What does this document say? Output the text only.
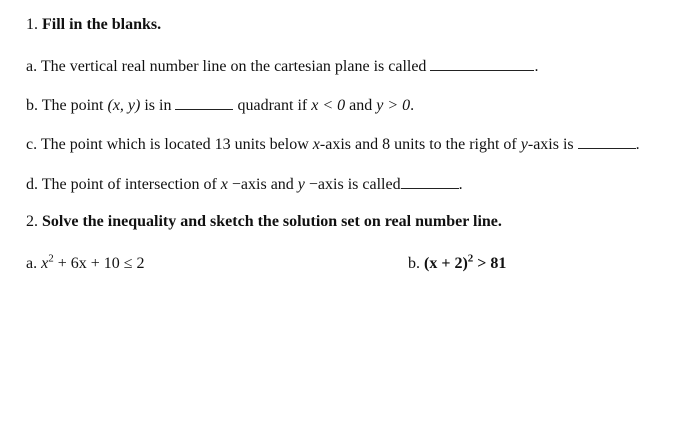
1. Fill in the blanks.
a. The vertical real number line on the cartesian plane is called	.
b. The point (x, y) is in	quadrant if x < 0 and y > 0.
c. The point which is located 13 units below x-axis and 8 units to the right of y-axis is	.
d. The point of intersection of x −axis and y −axis is called	.
2. Solve the inequality and sketch the solution set on real number line.
a. $x^2 + 6x + 10 \le 2$	b. $(x + 2)^2 > 81$
